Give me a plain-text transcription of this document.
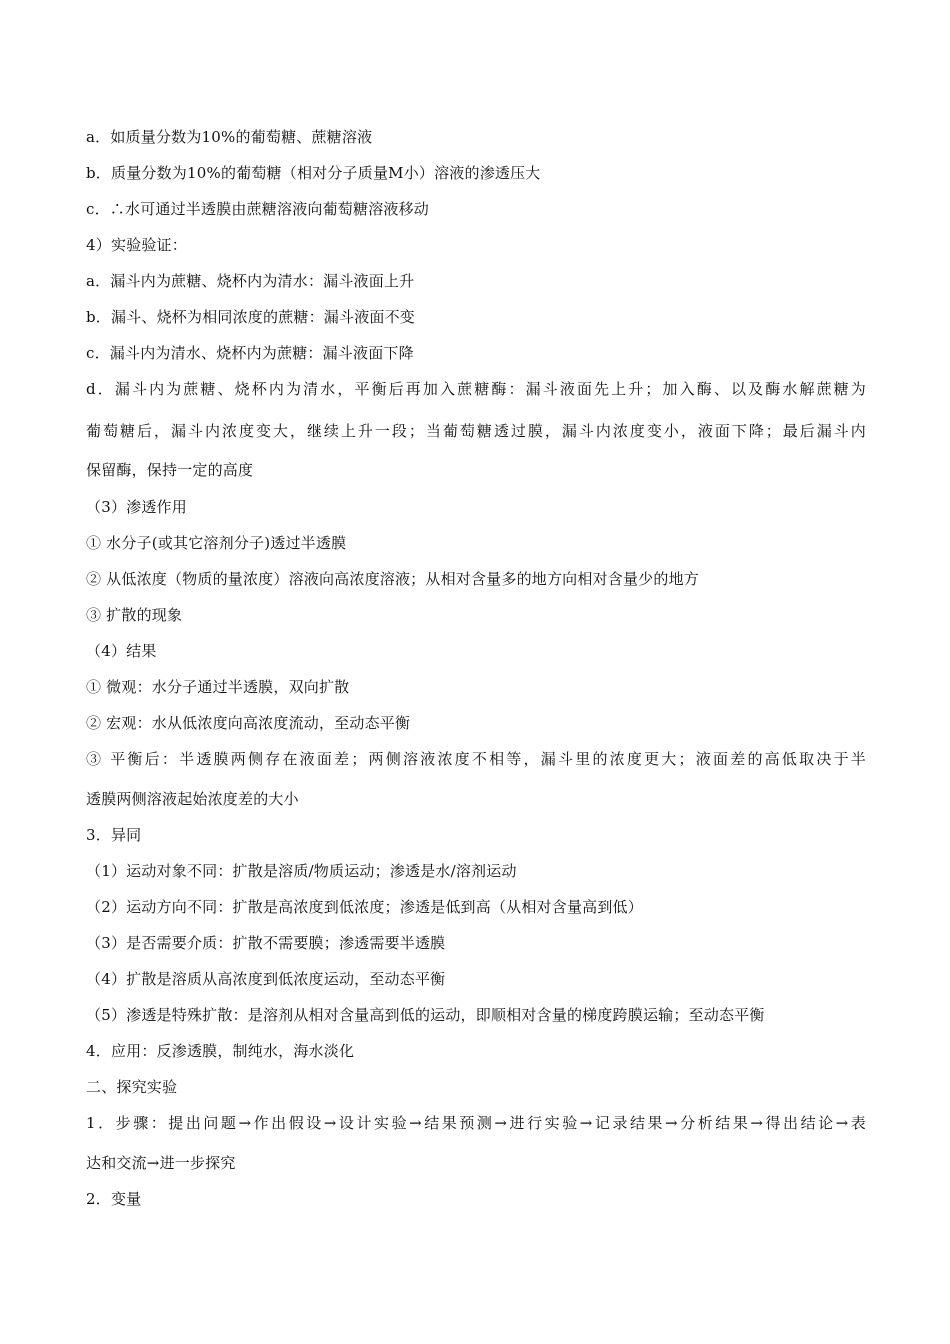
a．如质量分数为10%的葡萄糖、蔗糖溶液
b．质量分数为10%的葡萄糖（相对分子质量M小）溶液的渗透压大
c．∴水可通过半透膜由蔗糖溶液向葡萄糖溶液移动
4）实验验证：
a．漏斗内为蔗糖、烧杯内为清水：漏斗液面上升
b．漏斗、烧杯为相同浓度的蔗糖：漏斗液面不变
c．漏斗内为清水、烧杯内为蔗糖：漏斗液面下降
d．漏斗内为蔗糖、烧杯内为清水，平衡后再加入蔗糖酶：漏斗液面先上升；加入酶、以及酶水解蔗糖为
葡萄糖后，漏斗内浓度变大，继续上升一段；当葡萄糖透过膜，漏斗内浓度变小，液面下降；最后漏斗内
保留酶，保持一定的高度
（3）渗透作用
① 水分子(或其它溶剂分子)透过半透膜
② 从低浓度（物质的量浓度）溶液向高浓度溶液；从相对含量多的地方向相对含量少的地方
③ 扩散的现象
（4）结果
① 微观：水分子通过半透膜，双向扩散
② 宏观：水从低浓度向高浓度流动，至动态平衡
③ 平衡后：半透膜两侧存在液面差；两侧溶液浓度不相等，漏斗里的浓度更大；液面差的高低取决于半
透膜两侧溶液起始浓度差的大小
3．异同
（1）运动对象不同：扩散是溶质/物质运动；渗透是水/溶剂运动
（2）运动方向不同：扩散是高浓度到低浓度；渗透是低到高（从相对含量高到低）
（3）是否需要介质：扩散不需要膜；渗透需要半透膜
（4）扩散是溶质从高浓度到低浓度运动，至动态平衡
（5）渗透是特殊扩散：是溶剂从相对含量高到低的运动，即顺相对含量的梯度跨膜运输；至动态平衡
4．应用：反渗透膜，制纯水，海水淡化
二、探究实验
1．步骤：提出问题→作出假设→设计实验→结果预测→进行实验→记录结果→分析结果→得出结论→表
达和交流→进一步探究
2．变量
